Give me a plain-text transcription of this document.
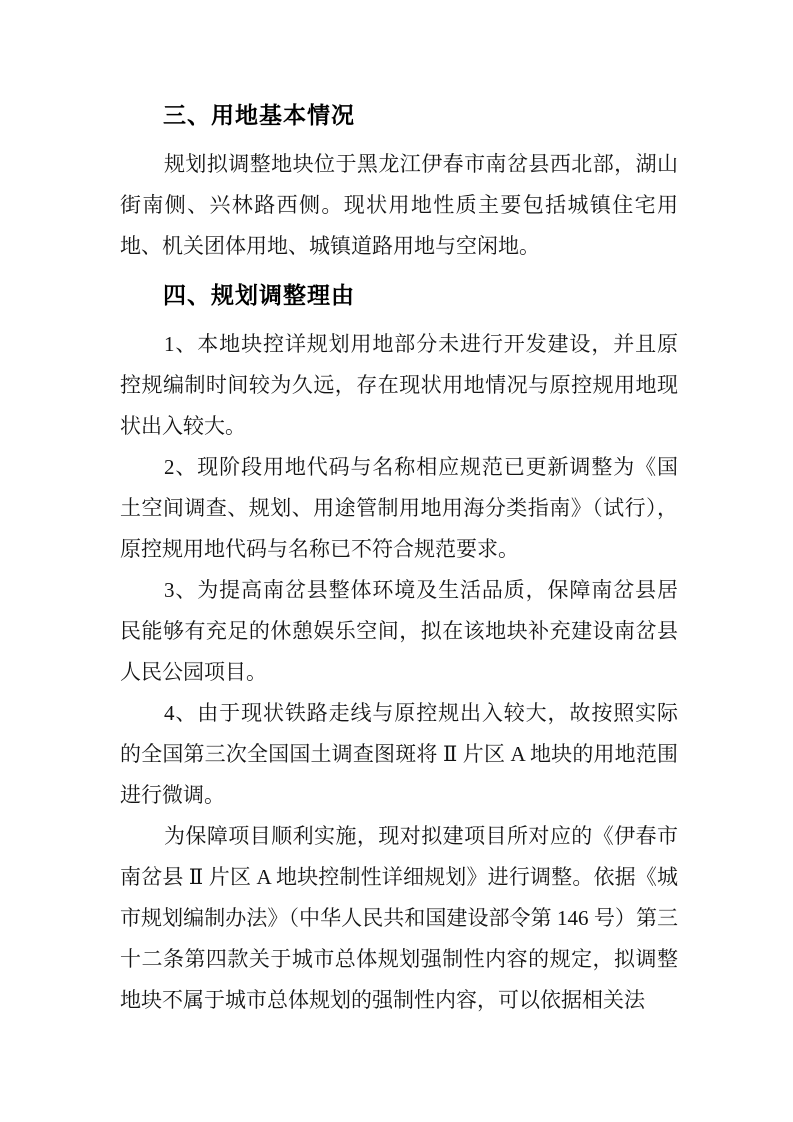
三、用地基本情况

规划拟调整地块位于黑龙江伊春市南岔县西北部，湖山街南侧、兴林路西侧。现状用地性质主要包括城镇住宅用地、机关团体用地、城镇道路用地与空闲地。

四、规划调整理由

1、本地块控详规划用地部分未进行开发建设，并且原控规编制时间较为久远，存在现状用地情况与原控规用地现状出入较大。

2、现阶段用地代码与名称相应规范已更新调整为《国土空间调查、规划、用途管制用地用海分类指南》（试行），原控规用地代码与名称已不符合规范要求。

3、为提高南岔县整体环境及生活品质，保障南岔县居民能够有充足的休憩娱乐空间，拟在该地块补充建设南岔县人民公园项目。

4、由于现状铁路走线与原控规出入较大，故按照实际的全国第三次全国国土调查图斑将 Ⅱ 片区 A 地块的用地范围进行微调。

为保障项目顺利实施，现对拟建项目所对应的《伊春市南岔县 Ⅱ 片区 A 地块控制性详细规划》进行调整。依据《城市规划编制办法》（中华人民共和国建设部令第 146 号）第三十二条第四款关于城市总体规划强制性内容的规定，拟调整地块不属于城市总体规划的强制性内容，可以依据相关法
